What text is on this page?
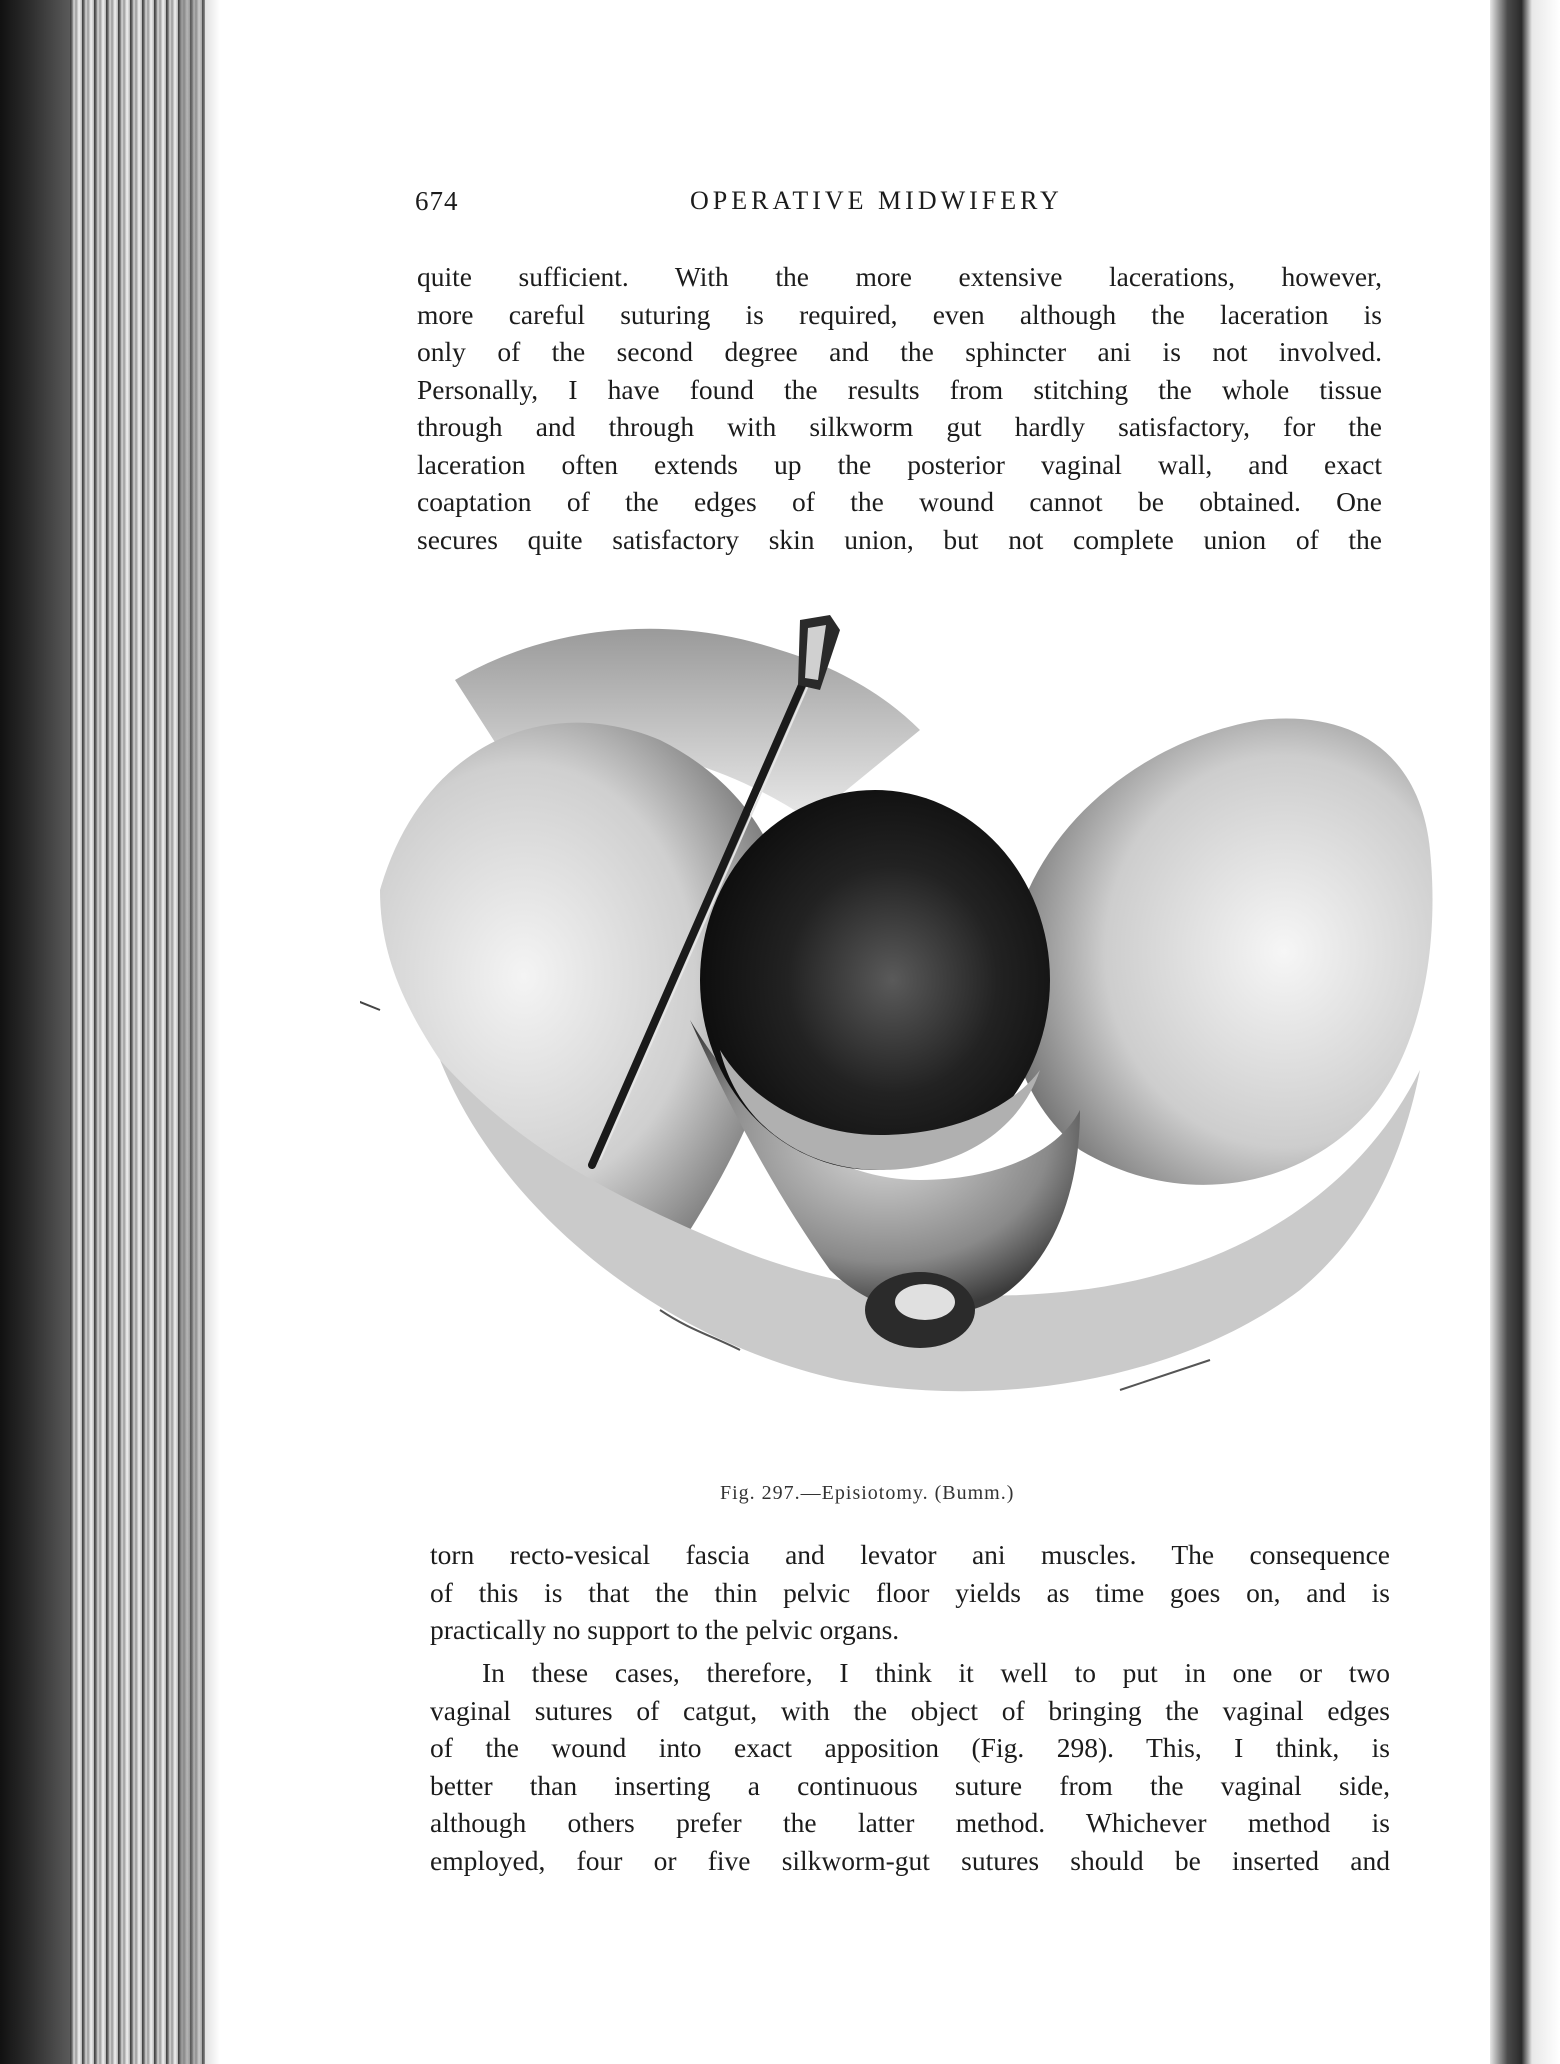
674	OPERATIVE MIDWIFERY
quite sufficient. With the more extensive lacerations, however,
more careful suturing is required, even although the laceration is
only of the second degree and the sphincter ani is not involved.
Personally, I have found the results from stitching the whole tissue
through and through with silkworm gut hardly satisfactory, for the
laceration often extends up the posterior vaginal wall, and exact
coaptation of the edges of the wound cannot be obtained. One
secures quite satisfactory skin union, but not complete union of the
Fig. 297.—Episiotomy. (Bumm.)
torn recto-vesical fascia and levator ani muscles. The consequence
of this is that the thin pelvic floor yields as time goes on, and is
practically no support to the pelvic organs.
In these cases, therefore, I think it well to put in one or two
vaginal sutures of catgut, with the object of bringing the vaginal edges
of the wound into exact apposition (Fig. 298). This, I think, is
better than inserting a continuous suture from the vaginal side,
although others prefer the latter method. Whichever method is
employed, four or five silkworm-gut sutures should be inserted and
